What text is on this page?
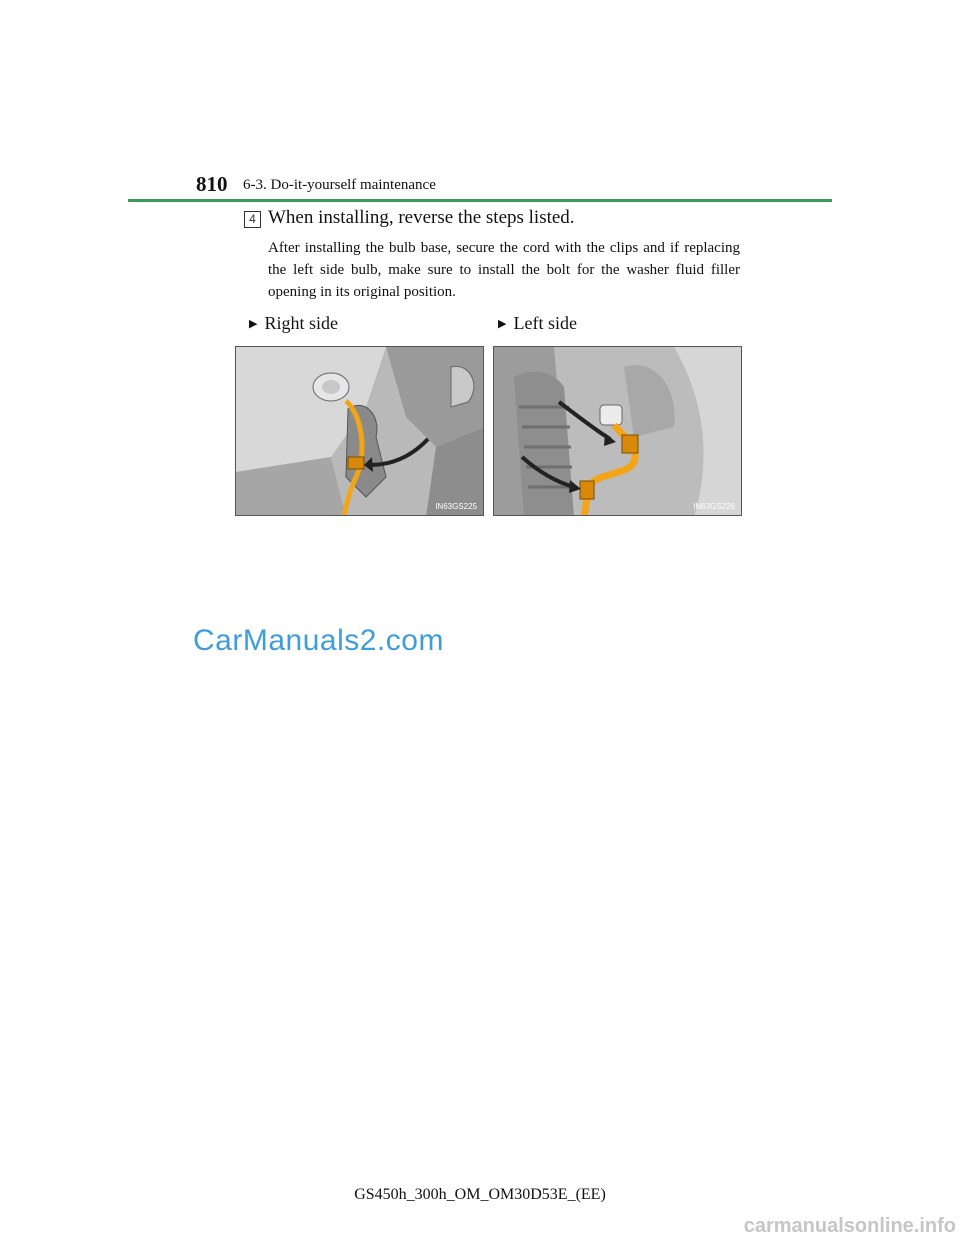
810 6-3. Do-it-yourself maintenance
4 When installing, reverse the steps listed.
After installing the bulb base, secure the cord with the clips and if replacing the left side bulb, make sure to install the bolt for the washer fluid filler opening in its original position.
▶ Right side	▶ Left side
IN63GS225	IN63GS226
CarManuals2.com
GS450h_300h_OM_OM30D53E_(EE)
carmanualsonline.info
